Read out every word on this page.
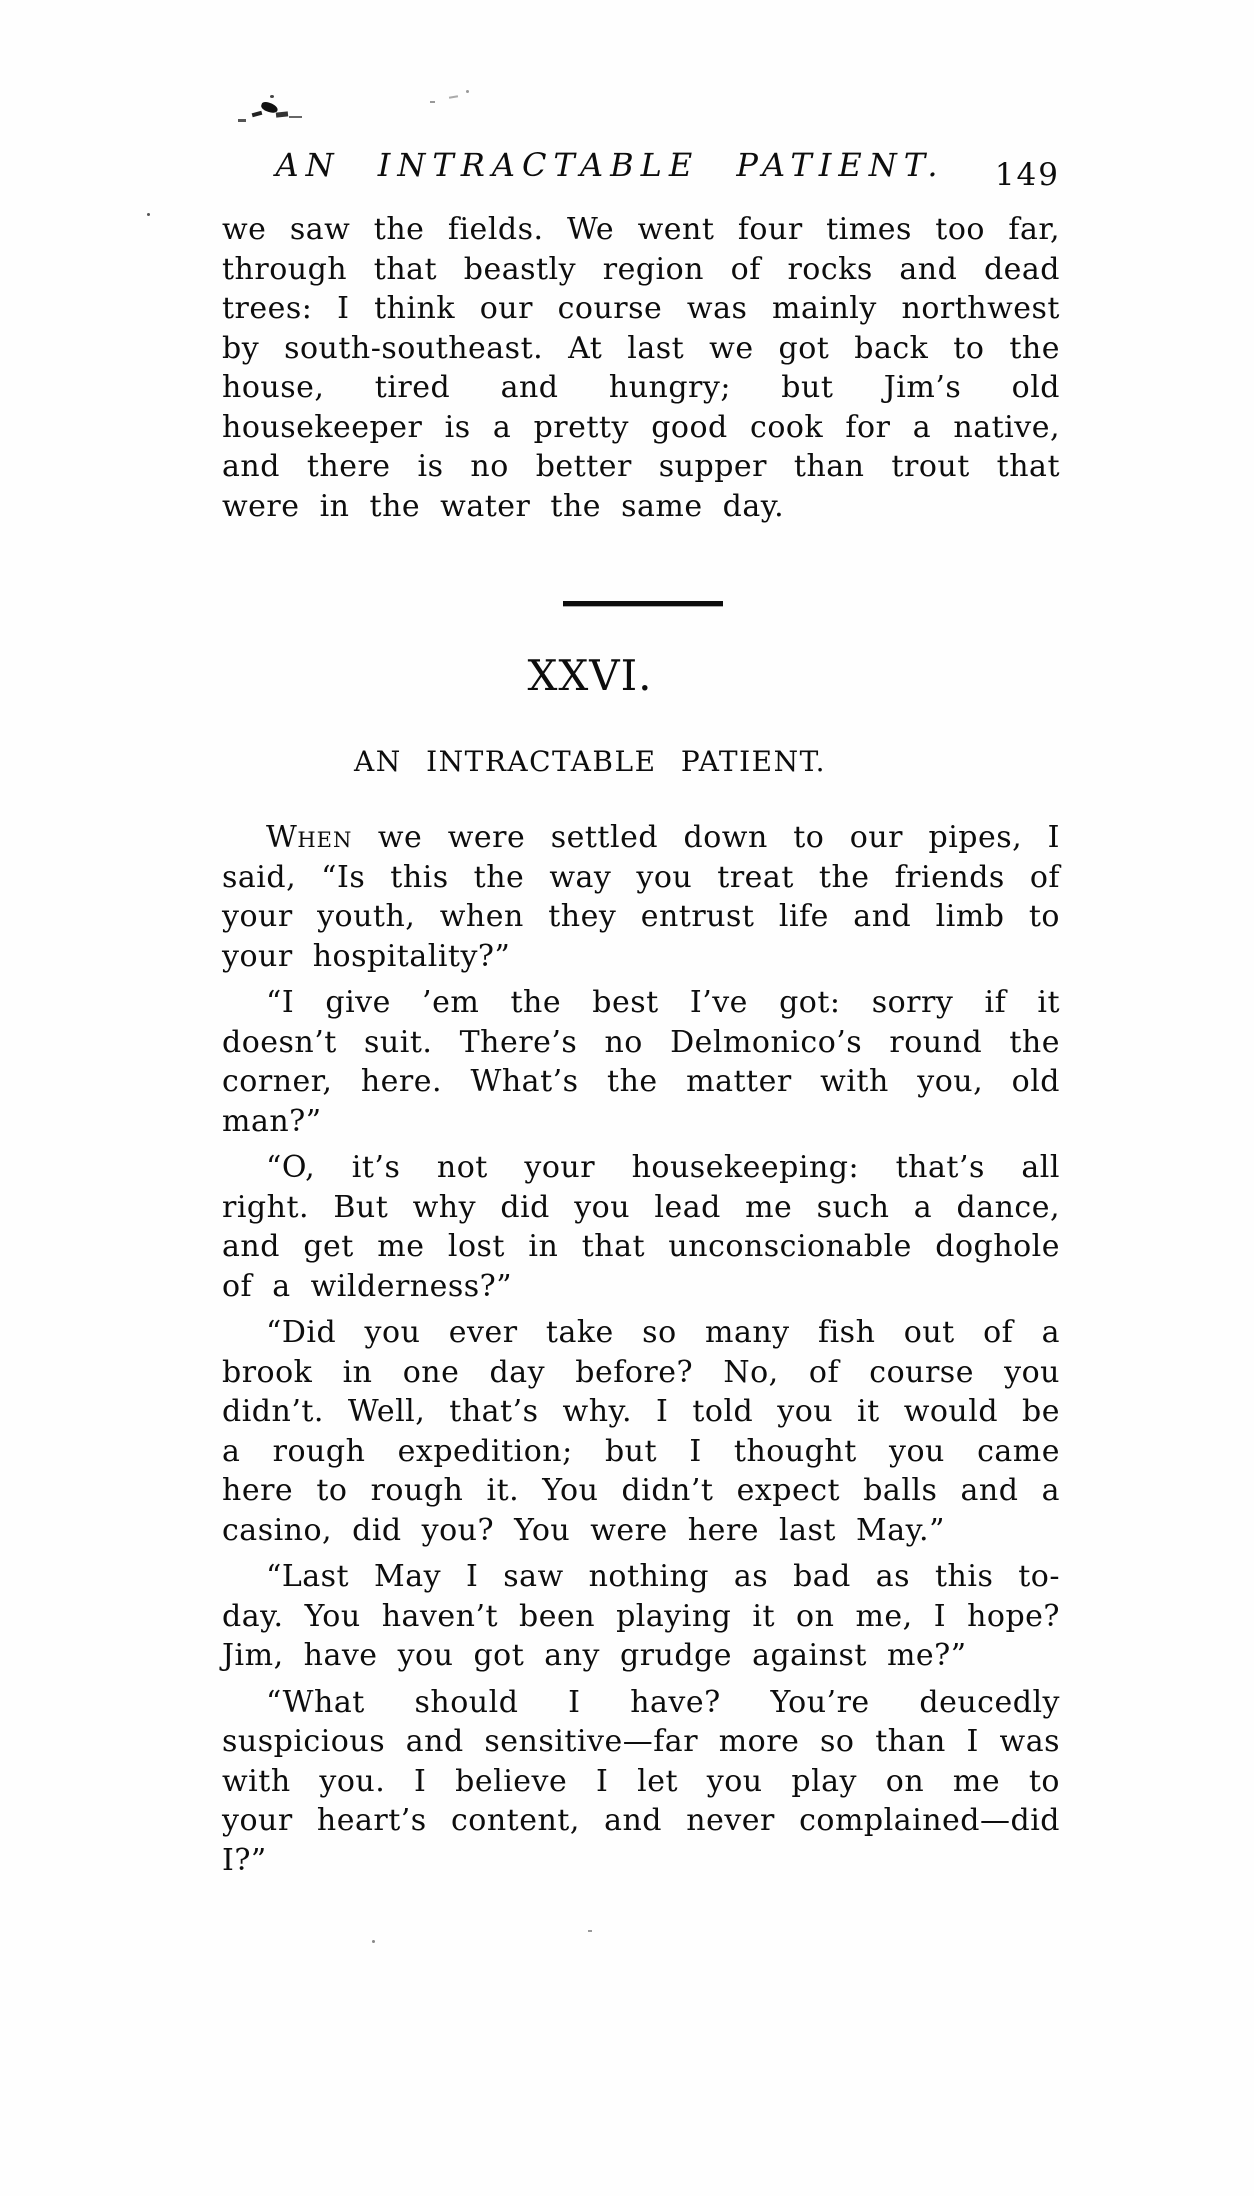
AN INTRACTABLE PATIENT. 149

we saw the fields. We went four times too far, through that beastly region of rocks and dead trees: I think our course was mainly northwest by south-southeast. At last we got back to the house, tired and hungry; but Jim’s old housekeeper is a pretty good cook for a native, and there is no better supper than trout that were in the water the same day.

XXVI.
AN INTRACTABLE PATIENT.

When we were settled down to our pipes, I said, “Is this the way you treat the friends of your youth, when they entrust life and limb to your hospitality?”

“I give ’em the best I’ve got: sorry if it doesn’t suit. There’s no Delmonico’s round the corner, here. What’s the matter with you, old man?”

“O, it’s not your housekeeping: that’s all right. But why did you lead me such a dance, and get me lost in that unconscionable doghole of a wilderness?”

“Did you ever take so many fish out of a brook in one day before? No, of course you didn’t. Well, that’s why. I told you it would be a rough expedition; but I thought you came here to rough it. You didn’t expect balls and a casino, did you? You were here last May.”

“Last May I saw nothing as bad as this to-day. You haven’t been playing it on me, I hope? Jim, have you got any grudge against me?”

“What should I have? You’re deucedly suspicious and sensitive—far more so than I was with you. I believe I let you play on me to your heart’s content, and never complained—did I?”
